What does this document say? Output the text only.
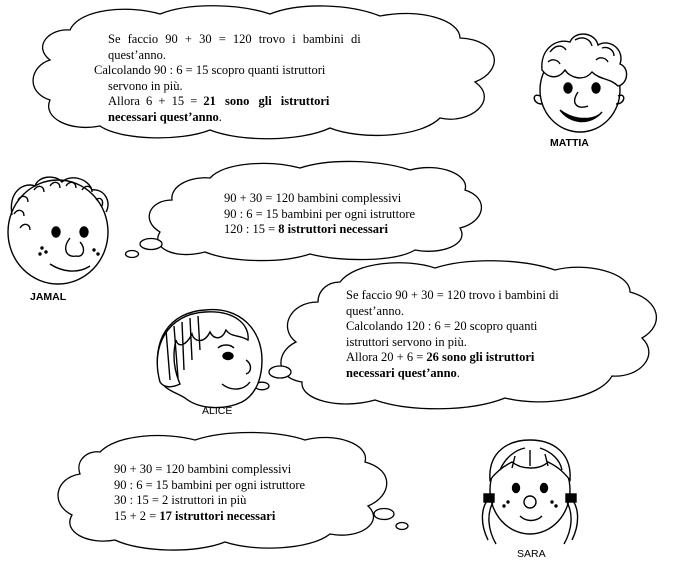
Se faccio 90 + 30 = 120 trovo i bambini di
quest’anno.
Calcolando 90 : 6 = 15 scopro quanti istruttori
servono in più.
Allora 6 + 15 = 21 sono gli istruttori
necessari quest’anno.
90 + 30 = 120 bambini complessivi
90 : 6 = 15 bambini per ogni istruttore
120 : 15 = 8 istruttori necessari
Se faccio 90 + 30 = 120 trovo i bambini di
quest’anno.
Calcolando 120 : 6 = 20 scopro quanti
istruttori servono in più.
Allora 20 + 6 = 26 sono gli istruttori
necessari quest’anno.
90 + 30 = 120 bambini complessivi
90 : 6 = 15 bambini per ogni istruttore
30 : 15 = 2 istruttori in più
15 + 2 = 17 istruttori necessari
MATTIA
JAMAL
ALICE
SARA
